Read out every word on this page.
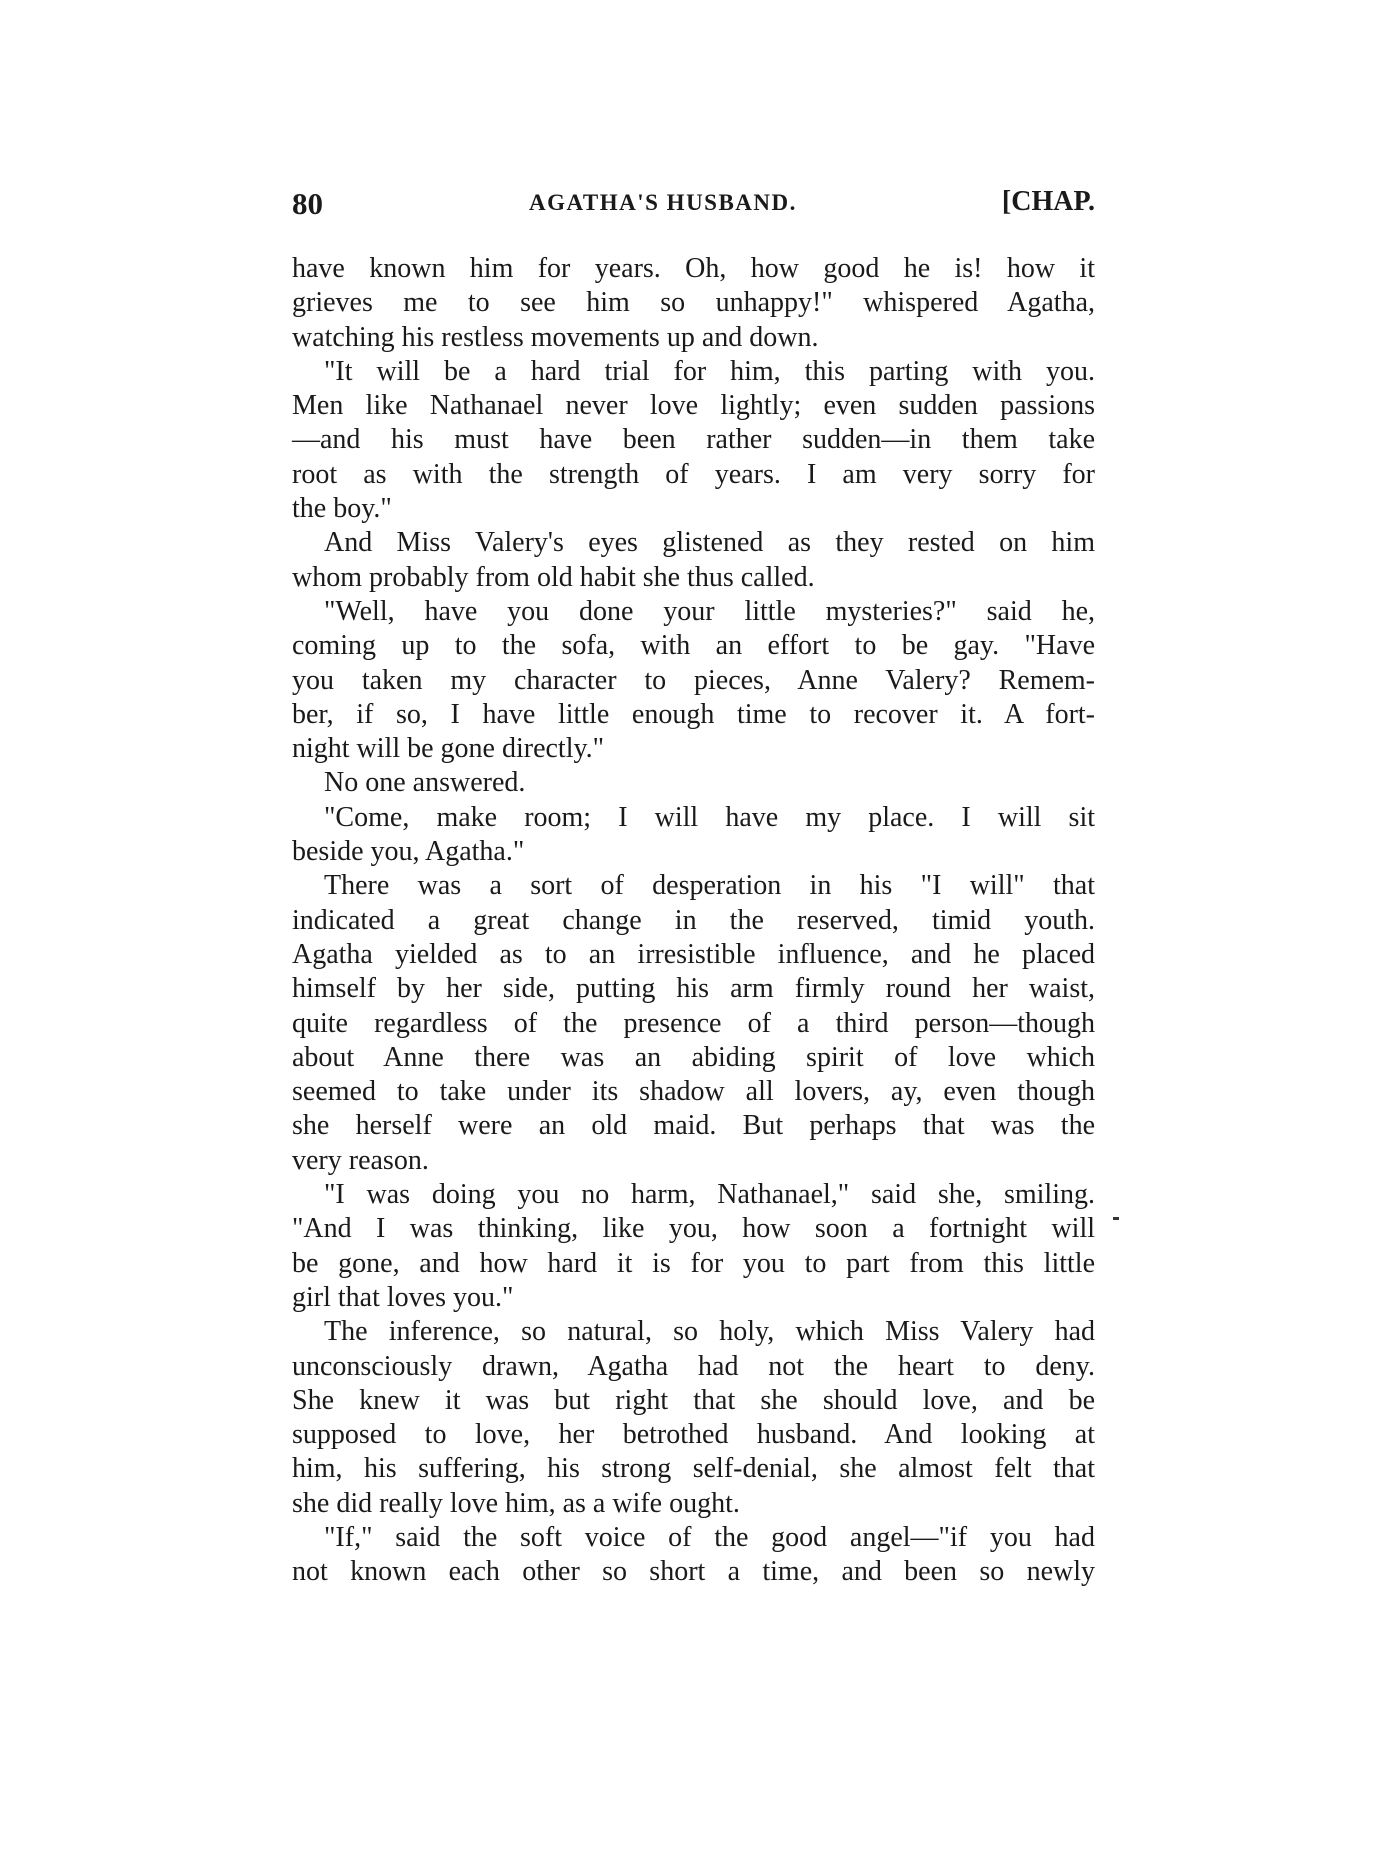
80	AGATHA'S HUSBAND.	[CHAP.
have known him for years. Oh, how good he is! how it
grieves me to see him so unhappy!" whispered Agatha,
watching his restless movements up and down.
"It will be a hard trial for him, this parting with you.
Men like Nathanael never love lightly; even sudden passions
—and his must have been rather sudden—in them take
root as with the strength of years. I am very sorry for
the boy."
And Miss Valery's eyes glistened as they rested on him
whom probably from old habit she thus called.
"Well, have you done your little mysteries?" said he,
coming up to the sofa, with an effort to be gay. "Have
you taken my character to pieces, Anne Valery? Remem-
ber, if so, I have little enough time to recover it. A fort-
night will be gone directly."
No one answered.
"Come, make room; I will have my place. I will sit
beside you, Agatha."
There was a sort of desperation in his "I will" that
indicated a great change in the reserved, timid youth.
Agatha yielded as to an irresistible influence, and he placed
himself by her side, putting his arm firmly round her waist,
quite regardless of the presence of a third person—though
about Anne there was an abiding spirit of love which
seemed to take under its shadow all lovers, ay, even though
she herself were an old maid. But perhaps that was the
very reason.
"I was doing you no harm, Nathanael," said she, smiling.
"And I was thinking, like you, how soon a fortnight will
be gone, and how hard it is for you to part from this little
girl that loves you."
The inference, so natural, so holy, which Miss Valery had
unconsciously drawn, Agatha had not the heart to deny.
She knew it was but right that she should love, and be
supposed to love, her betrothed husband. And looking at
him, his suffering, his strong self-denial, she almost felt that
she did really love him, as a wife ought.
"If," said the soft voice of the good angel—"if you had
not known each other so short a time, and been so newly
